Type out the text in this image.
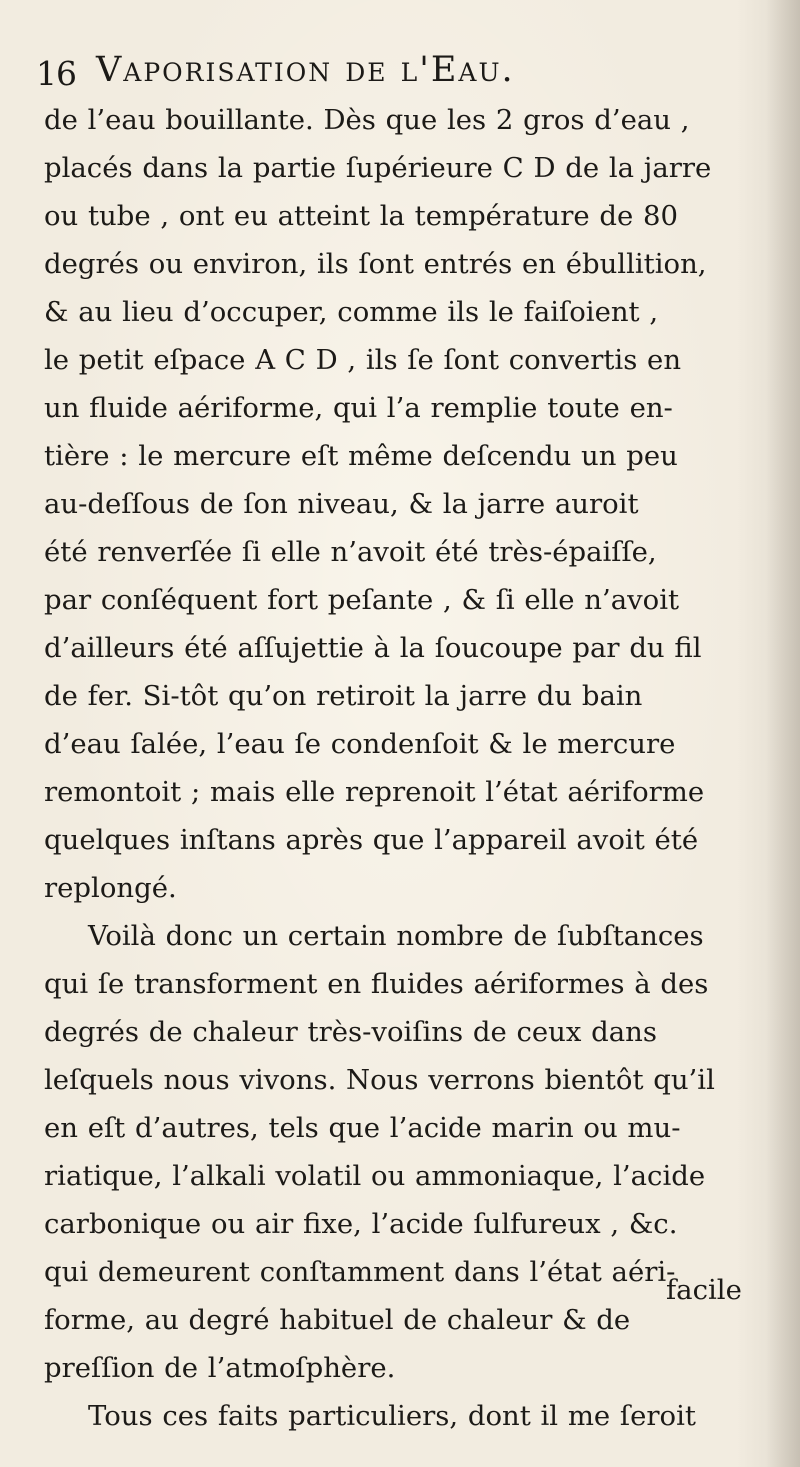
16 Vaporisation de l'Eau.
de l’eau bouillante. Dès que les 2 gros d’eau ,
placés dans la partie ſupérieure C D de la jarre
ou tube , ont eu atteint la température de 80
degrés ou environ, ils ſont entrés en ébullition,
& au lieu d’occuper, comme ils le faiſoient ,
le petit eſpace A C D , ils ſe ſont convertis en
un fluide aériforme, qui l’a remplie toute en-
tière : le mercure eſt même deſcendu un peu
au-deſſous de ſon niveau, & la jarre auroit
été renverſée ſi elle n’avoit été très-épaiſſe,
par conſéquent fort peſante , & ſi elle n’avoit
d’ailleurs été aſſujettie à la ſoucoupe par du fil
de fer. Si-tôt qu’on retiroit la jarre du bain
d’eau ſalée, l’eau ſe condenſoit & le mercure
remontoit ; mais elle reprenoit l’état aériforme
quelques inſtans après que l’appareil avoit été
replongé.
Voilà donc un certain nombre de ſubſtances
qui ſe transforment en fluides aériformes à des
degrés de chaleur très-voiſins de ceux dans
leſquels nous vivons. Nous verrons bientôt qu’il
en eſt d’autres, tels que l’acide marin ou mu-
riatique, l’alkali volatil ou ammoniaque, l’acide
carbonique ou air fixe, l’acide ſulfureux , &c.
qui demeurent conſtamment dans l’état aéri-
forme, au degré habituel de chaleur & de
preſſion de l’atmoſphère.
Tous ces faits particuliers, dont il me ſeroit
facile
